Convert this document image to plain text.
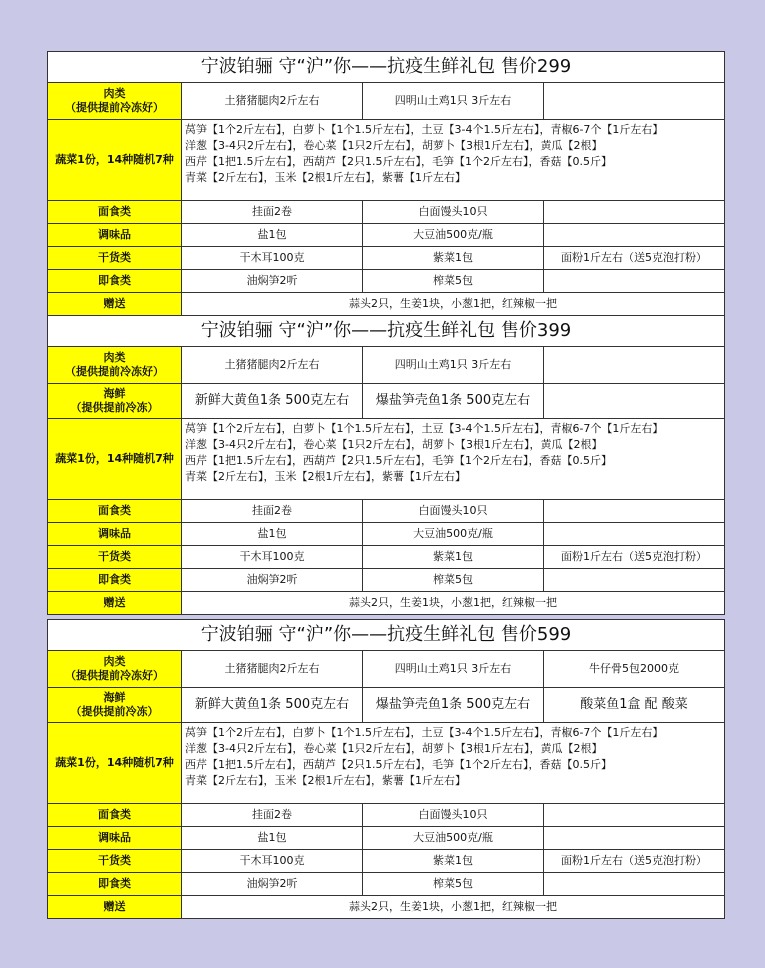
宁波铂骊 守“沪”你——抗疫生鲜礼包 售价299			

肉类
（提供提前冷冻好）	土猪猪腿肉2斤左右	四明山土鸡1只 3斤左右	

蔬菜1份，14种随机7种	莴笋【1个2斤左右】，白萝卜【1个1.5斤左右】，土豆【3-4个1.5斤左右】，青椒6-7个【1斤左右】
洋葱【3-4只2斤左右】，卷心菜【1只2斤左右】，胡萝卜【3根1斤左右】，黄瓜【2根】
西芹【1把1.5斤左右】，西葫芦【2只1.5斤左右】，毛笋【1个2斤左右】，香菇【0.5斤】
青菜【2斤左右】，玉米【2根1斤左右】，紫薯【1斤左右】		

面食类	挂面2卷	白面馒头10只	

调味品	盐1包	大豆油500克/瓶	

干货类	干木耳100克	紫菜1包	面粉1斤左右（送5克泡打粉）

即食类	油焖笋2听	榨菜5包	

赠送	蒜头2只，生姜1块，小葱1把，红辣椒一把		
宁波铂骊 守“沪”你——抗疫生鲜礼包 售价399			

肉类
（提供提前冷冻好）	土猪猪腿肉2斤左右	四明山土鸡1只 3斤左右	

海鲜
（提供提前冷冻）	新鲜大黄鱼1条 500克左右	爆盐笋壳鱼1条 500克左右	

蔬菜1份，14种随机7种	莴笋【1个2斤左右】，白萝卜【1个1.5斤左右】，土豆【3-4个1.5斤左右】，青椒6-7个【1斤左右】
洋葱【3-4只2斤左右】，卷心菜【1只2斤左右】，胡萝卜【3根1斤左右】，黄瓜【2根】
西芹【1把1.5斤左右】，西葫芦【2只1.5斤左右】，毛笋【1个2斤左右】，香菇【0.5斤】
青菜【2斤左右】，玉米【2根1斤左右】，紫薯【1斤左右】		

面食类	挂面2卷	白面馒头10只	

调味品	盐1包	大豆油500克/瓶	

干货类	干木耳100克	紫菜1包	面粉1斤左右（送5克泡打粉）

即食类	油焖笋2听	榨菜5包	

赠送	蒜头2只，生姜1块，小葱1把，红辣椒一把		
宁波铂骊 守“沪”你——抗疫生鲜礼包 售价599			

肉类
（提供提前冷冻好）	土猪猪腿肉2斤左右	四明山土鸡1只 3斤左右	牛仔骨5包2000克

海鲜
（提供提前冷冻）	新鲜大黄鱼1条 500克左右	爆盐笋壳鱼1条 500克左右	酸菜鱼1盒 配 酸菜

蔬菜1份，14种随机7种	莴笋【1个2斤左右】，白萝卜【1个1.5斤左右】，土豆【3-4个1.5斤左右】，青椒6-7个【1斤左右】
洋葱【3-4只2斤左右】，卷心菜【1只2斤左右】，胡萝卜【3根1斤左右】，黄瓜【2根】
西芹【1把1.5斤左右】，西葫芦【2只1.5斤左右】，毛笋【1个2斤左右】，香菇【0.5斤】
青菜【2斤左右】，玉米【2根1斤左右】，紫薯【1斤左右】		

面食类	挂面2卷	白面馒头10只	

调味品	盐1包	大豆油500克/瓶	

干货类	干木耳100克	紫菜1包	面粉1斤左右（送5克泡打粉）

即食类	油焖笋2听	榨菜5包	

赠送	蒜头2只，生姜1块，小葱1把，红辣椒一把		
